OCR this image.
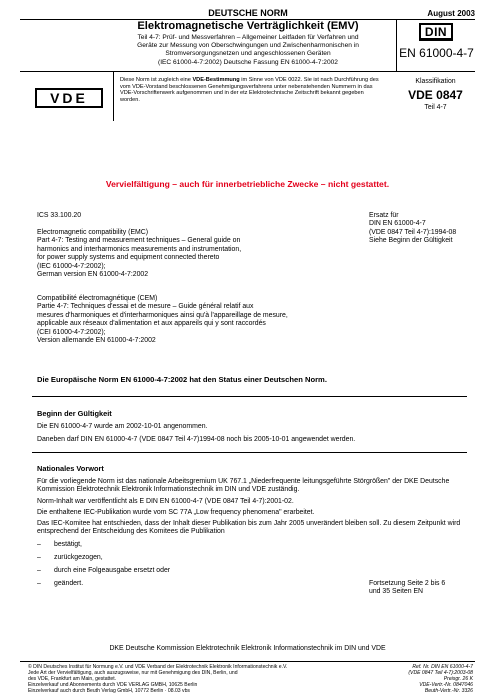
DEUTSCHE NORM	August 2003
Elektromagnetische Verträglichkeit (EMV)
Teil 4-7: Prüf- und Messverfahren – Allgemeiner Leitfaden für Verfahren und
Geräte zur Messung von Oberschwingungen und Zwischenharmonischen in
Stromversorgungsnetzen und angeschlossenen Geräten
(IEC 61000-4-7:2002) Deutsche Fassung EN 61000-4-7:2002
DIN
EN 61000-4-7
VDE
Diese Norm ist zugleich eine VDE-Bestimmung im Sinne von VDE 0022. Sie ist nach Durchführung des vom VDE-Vorstand beschlossenen Genehmigungsverfahrens unter nebenstehenden Nummern in das VDE-Vorschriftenwerk aufgenommen und in der etz Elektrotechnische Zeitschrift bekannt gegeben worden.
Klassifikation
VDE 0847
Teil 4-7
Vervielfältigung – auch für innerbetriebliche Zwecke – nicht gestattet.
ICS 33.100.20
Electromagnetic compatibility (EMC)
Part 4-7: Testing and measurement techniques – General guide on
harmonics and interharmonics measurements and instrumentation,
for power supply systems and equipment connected thereto
(IEC 61000-4-7:2002);
German version EN 61000-4-7:2002
Ersatz für
DIN EN 61000-4-7
(VDE 0847 Teil 4-7):1994-08
Siehe Beginn der Gültigkeit
Compatibilité électromagnétique (CEM)
Partie 4-7: Techniques d'essai et de mesure – Guide général relatif aux
mesures d'harmoniques et d'interharmoniques ainsi qu'à l'appareillage de mesure,
applicable aux réseaux d'alimentation et aux appareils qui y sont raccordés
(CEI 61000-4-7:2002);
Version allemande EN 61000-4-7:2002
Die Europäische Norm EN 61000-4-7:2002 hat den Status einer Deutschen Norm.
Beginn der Gültigkeit
Die EN 61000-4-7 wurde am 2002-10-01 angenommen.
Daneben darf DIN EN 61000-4-7 (VDE 0847 Teil 4-7)1994-08 noch bis 2005-10-01 angewendet werden.
Nationales Vorwort
Für die vorliegende Norm ist das nationale Arbeitsgremium UK 767.1 „Niederfrequente leitungsgeführte Störgrößen" der DKE Deutsche Kommission Elektrotechnik Elektronik Informationstechnik im DIN und VDE zuständig.
Norm-Inhalt war veröffentlicht als E DIN EN 61000-4-7 (VDE 0847 Teil 4-7):2001-02.
Die enthaltene IEC-Publikation wurde vom SC 77A „Low frequency phenomena" erarbeitet.
Das IEC-Komitee hat entschieden, dass der Inhalt dieser Publikation bis zum Jahr 2005 unverändert bleiben soll. Zu diesem Zeitpunkt wird entsprechend der Entscheidung des Komitees die Publikation
– bestätigt,
– zurückgezogen,
– durch eine Folgeausgabe ersetzt oder
– geändert.	Fortsetzung Seite 2 bis 6
und 35 Seiten EN
DKE Deutsche Kommission Elektrotechnik Elektronik Informationstechnik im DIN und VDE
© DIN Deutsches Institut für Normung e.V. und VDE Verband der Elektrotechnik Elektronik Informationstechnik e.V.
Jede Art der Vervielfältigung, auch auszugsweise, nur mit Genehmigung des DIN, Berlin, und
des VDE, Frankfurt am Main, gestattet.
Einzelverkauf und Abonnements durch VDE VERLAG GMBH, 10625 Berlin
Einzelverkauf auch durch Beuth Verlag GmbH, 10772 Berlin · 08.03 vbs
Ref. Nr. DIN EN 61000-4-7
(VDE 0847 Teil 4-7):2003-08
Preisgr. 26 K
VDE-Vertr.-Nr. 0847046
Beuth-Vertr.-Nr. 3326
